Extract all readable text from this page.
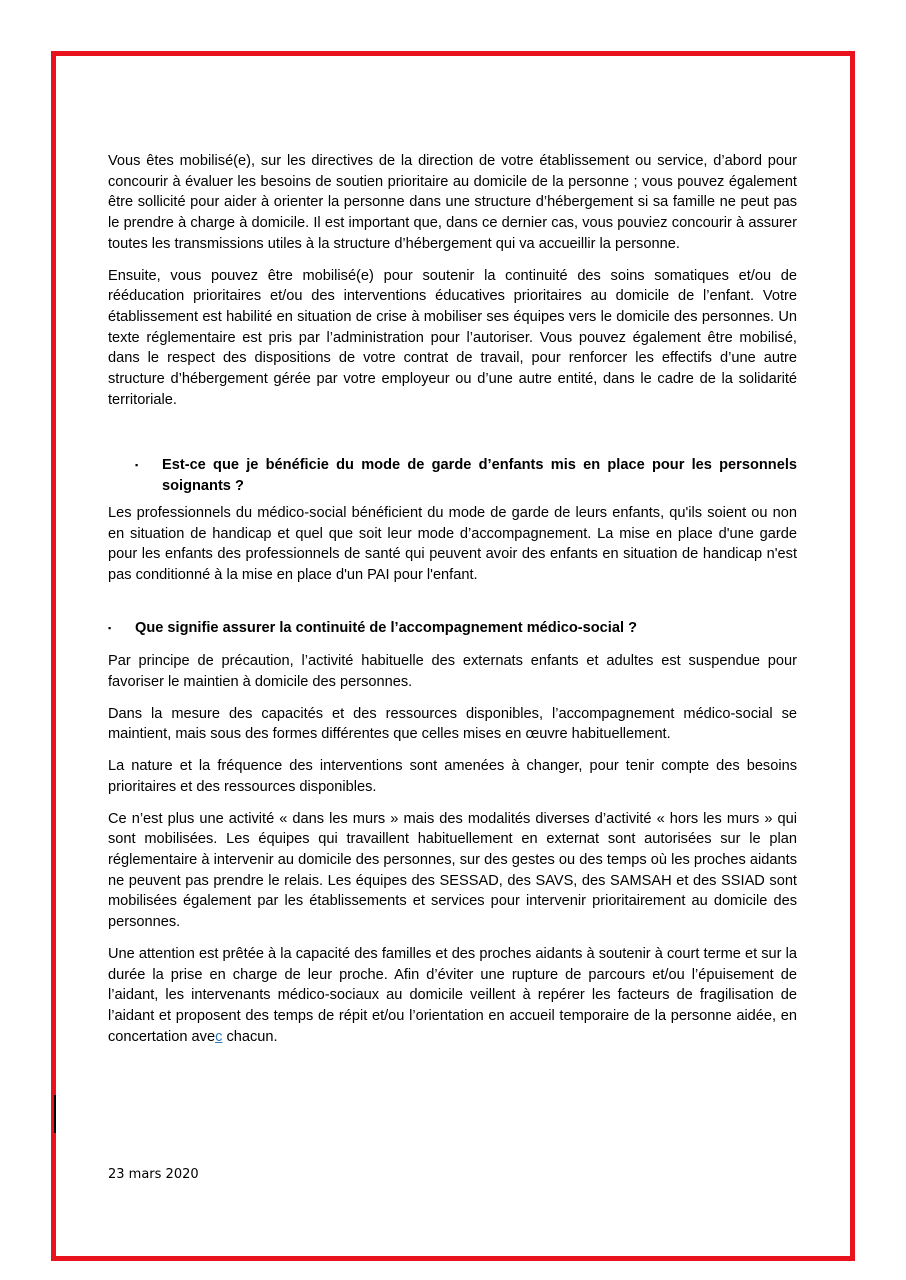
Vous êtes mobilisé(e), sur les directives de la direction de votre établissement ou service, d’abord pour concourir à évaluer les besoins de soutien prioritaire au domicile de la personne ; vous pouvez également être sollicité pour aider à orienter la personne dans une structure d’hébergement si sa famille ne peut pas le prendre à charge à domicile. Il est important que, dans ce dernier cas, vous pouviez concourir à assurer toutes les transmissions utiles à la structure d’hébergement qui va accueillir la personne.

Ensuite, vous pouvez être mobilisé(e) pour soutenir la continuité des soins somatiques et/ou de rééducation prioritaires et/ou des interventions éducatives prioritaires au domicile de l’enfant. Votre établissement est habilité en situation de crise à mobiliser ses équipes vers le domicile des personnes. Un texte réglementaire est pris par l’administration pour l’autoriser. Vous pouvez également être mobilisé, dans le respect des dispositions de votre contrat de travail, pour renforcer les effectifs d’une autre structure d’hébergement gérée par votre employeur ou d’une autre entité, dans le cadre de la solidarité territoriale.

▪	Est-ce que je bénéficie du mode de garde d’enfants mis en place pour les personnels soignants ?

Les professionnels du médico-social bénéficient du mode de garde de leurs enfants, qu'ils soient ou non en situation de handicap et quel que soit leur mode d’accompagnement. La mise en place d'une garde pour les enfants des professionnels de santé qui peuvent avoir des enfants en situation de handicap n'est pas conditionné à la mise en place d'un PAI pour l'enfant.

▪	Que signifie assurer la continuité de l’accompagnement médico-social ?

Par principe de précaution, l’activité habituelle des externats enfants et adultes est suspendue pour favoriser le maintien à domicile des personnes.

Dans la mesure des capacités et des ressources disponibles, l’accompagnement médico-social se maintient, mais sous des formes différentes que celles mises en œuvre habituellement.

La nature et la fréquence des interventions sont amenées à changer, pour tenir compte des besoins prioritaires et des ressources disponibles.

Ce n’est plus une activité « dans les murs » mais des modalités diverses d’activité « hors les murs » qui sont mobilisées. Les équipes qui travaillent habituellement en externat sont autorisées sur le plan réglementaire à intervenir au domicile des personnes, sur des gestes ou des temps où les proches aidants ne peuvent pas prendre le relais. Les équipes des SESSAD, des SAVS, des SAMSAH et des SSIAD sont mobilisées également par les établissements et services pour intervenir prioritairement au domicile des personnes.

Une attention est prêtée à la capacité des familles et des proches aidants à soutenir à court terme et sur la durée la prise en charge de leur proche. Afin d’éviter une rupture de parcours et/ou l’épuisement de l’aidant, les intervenants médico-sociaux au domicile veillent à repérer les facteurs de fragilisation de l’aidant et proposent des temps de répit et/ou l’orientation en accueil temporaire de la personne aidée, en concertation avec chacun.

23 mars 2020
